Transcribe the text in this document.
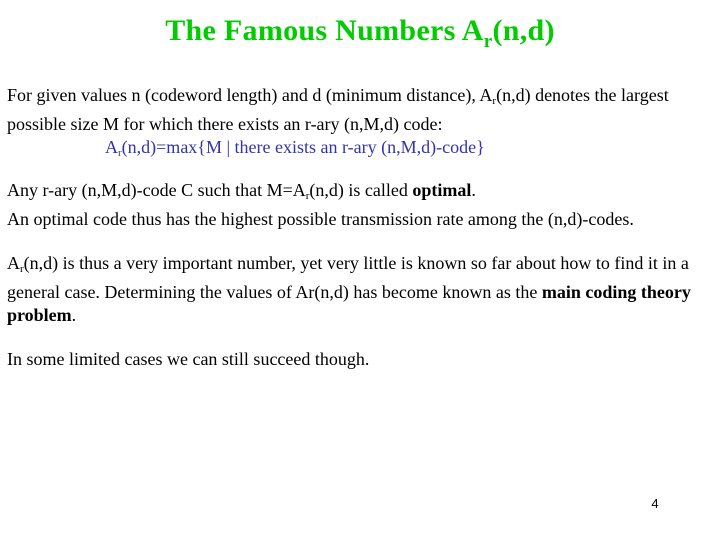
The Famous Numbers $A_r(n,d)$
For given values n (codeword length) and d (minimum distance), $A_r(n,d)$ denotes the largest possible size M for which there exists an r-ary (n,M,d) code:
$A_r(n,d)=\max\{M$ | there exists an r-ary (n,M,d)-code}
Any r-ary (n,M,d)-code C such that $M=A_r(n,d)$ is called optimal.
An optimal code thus has the highest possible transmission rate among the (n,d)-codes.
$A_r(n,d)$ is thus a very important number, yet very little is known so far about how to find it in a general case. Determining the values of Ar(n,d) has become known as the main coding theory problem.
In some limited cases we can still succeed though.
4
